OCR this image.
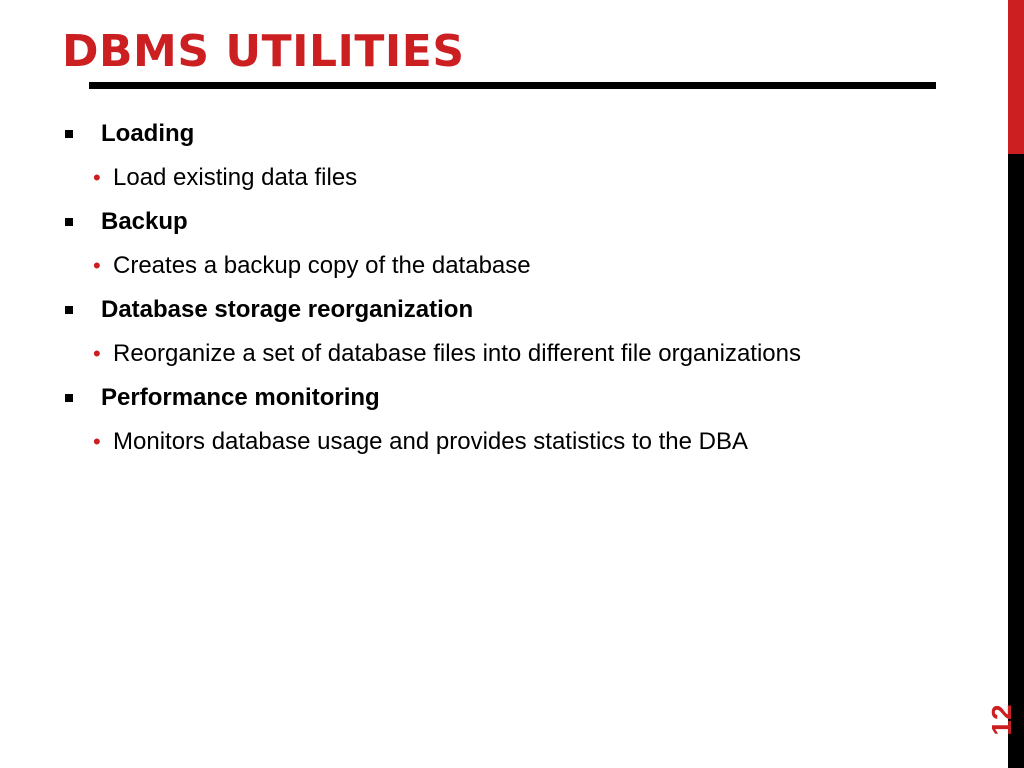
DBMS UTILITIES
Loading
• Load existing data files
Backup
• Creates a backup copy of the database
Database storage reorganization
• Reorganize a set of database files into different file organizations
Performance monitoring
• Monitors database usage and provides statistics to the DBA
12
